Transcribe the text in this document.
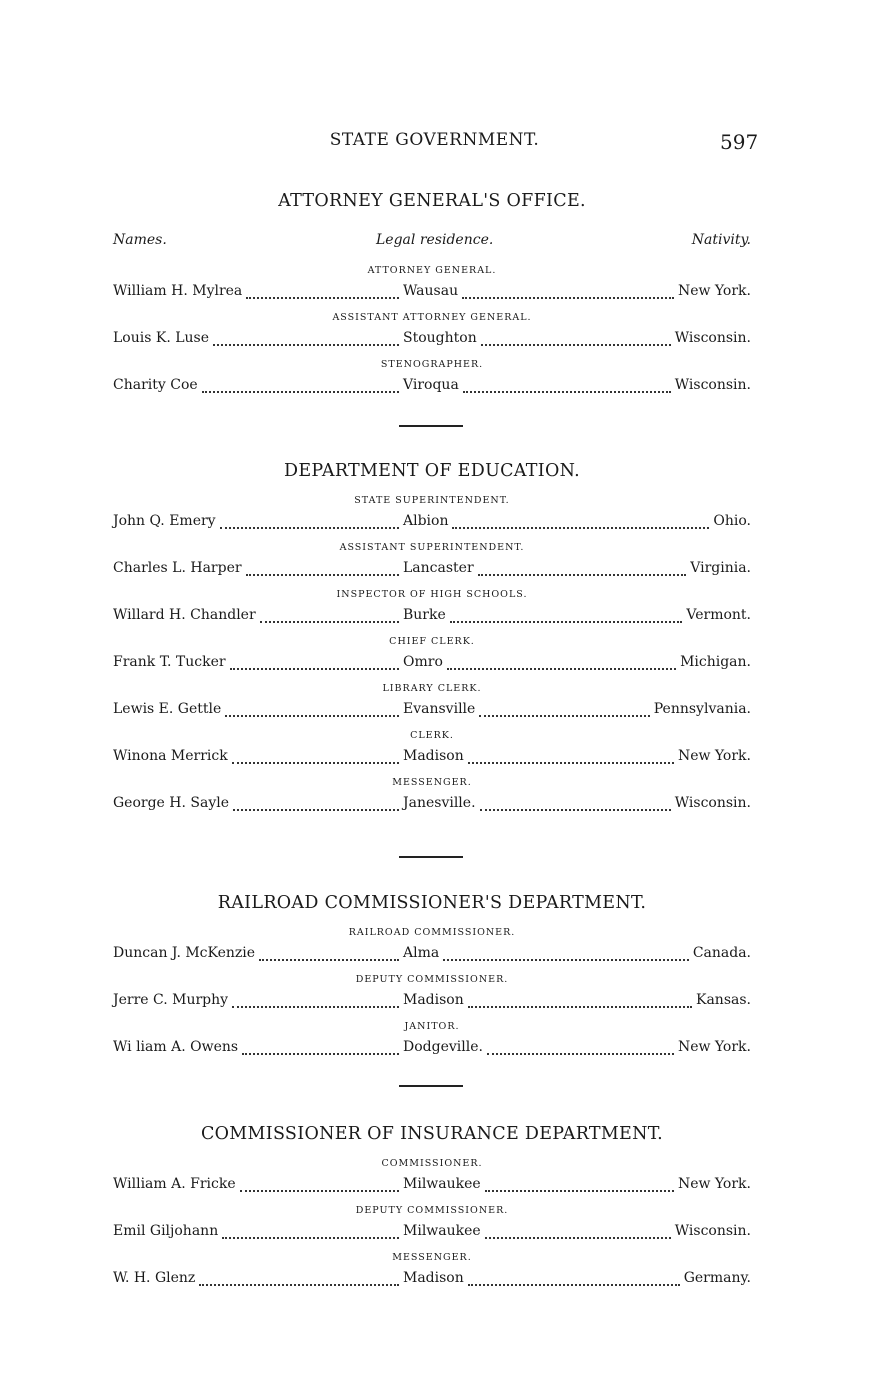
STATE GOVERNMENT.	597
Names.	Legal residence.	Nativity.
ATTORNEY GENERAL'S OFFICE.
ATTORNEY GENERAL.
William H. Mylrea	Wausau	New York.
ASSISTANT ATTORNEY GENERAL.
Louis K. Luse	Stoughton	Wisconsin.
STENOGRAPHER.
Charity Coe	Viroqua	Wisconsin.
DEPARTMENT OF EDUCATION.
STATE SUPERINTENDENT.
John Q. Emery	Albion	Ohio.
ASSISTANT SUPERINTENDENT.
Charles L. Harper	Lancaster	Virginia.
INSPECTOR OF HIGH SCHOOLS.
Willard H. Chandler	Burke	Vermont.
CHIEF CLERK.
Frank T. Tucker	Omro	Michigan.
LIBRARY CLERK.
Lewis E. Gettle	Evansville	Pennsylvania.
CLERK.
Winona Merrick	Madison	New York.
MESSENGER.
George H. Sayle	Janesville.	Wisconsin.
RAILROAD COMMISSIONER'S DEPARTMENT.
RAILROAD COMMISSIONER.
Duncan J. McKenzie	Alma	Canada.
DEPUTY COMMISSIONER.
Jerre C. Murphy	Madison	Kansas.
JANITOR.
Wi liam A. Owens	Dodgeville.	New York.
COMMISSIONER OF INSURANCE DEPARTMENT.
COMMISSIONER.
William A. Fricke	Milwaukee	New York.
DEPUTY COMMISSIONER.
Emil Giljohann	Milwaukee	Wisconsin.
MESSENGER.
W. H. Glenz	Madison	Germany.
